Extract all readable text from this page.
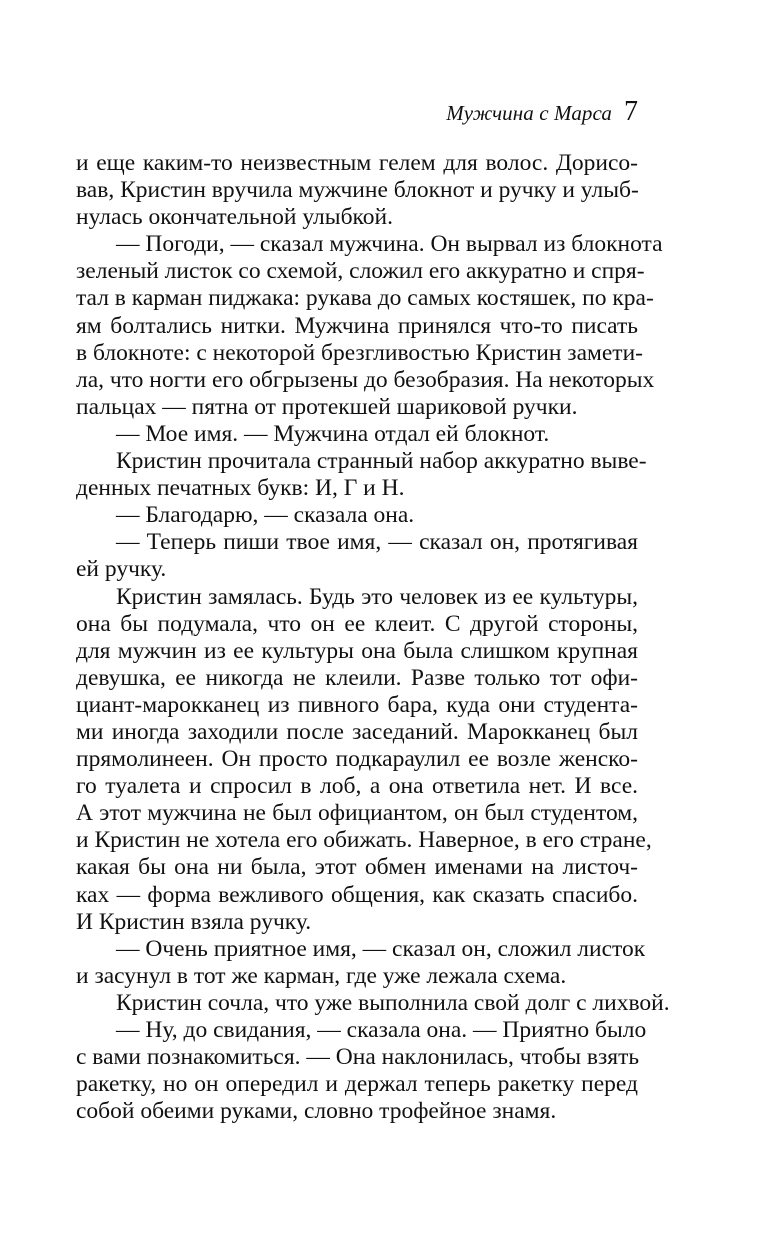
Мужчина с Марса 7
и еще каким-то неизвестным гелем для волос. Дорисо-
вав, Кристин вручила мужчине блокнот и ручку и улыб-
нулась окончательной улыбкой.
— Погоди, — сказал мужчина. Он вырвал из блокнота
зеленый листок со схемой, сложил его аккуратно и спря-
тал в карман пиджака: рукава до самых костяшек, по кра-
ям болтались нитки. Мужчина принялся что-то писать
в блокноте: с некоторой брезгливостью Кристин замети-
ла, что ногти его обгрызены до безобразия. На некоторых
пальцах — пятна от протекшей шариковой ручки.
— Мое имя. — Мужчина отдал ей блокнот.
Кристин прочитала странный набор аккуратно выве-
денных печатных букв: И, Г и Н.
— Благодарю, — сказала она.
— Теперь пиши твое имя, — сказал он, протягивая
ей ручку.
Кристин замялась. Будь это человек из ее культуры,
она бы подумала, что он ее клеит. С другой стороны,
для мужчин из ее культуры она была слишком крупная
девушка, ее никогда не клеили. Разве только тот офи-
циант-марокканец из пивного бара, куда они студента-
ми иногда заходили после заседаний. Марокканец был
прямолинеен. Он просто подкараулил ее возле женско-
го туалета и спросил в лоб, а она ответила нет. И все.
А этот мужчина не был официантом, он был студентом,
и Кристин не хотела его обижать. Наверное, в его стране,
какая бы она ни была, этот обмен именами на листоч-
ках — форма вежливого общения, как сказать спасибо.
И Кристин взяла ручку.
— Очень приятное имя, — сказал он, сложил листок
и засунул в тот же карман, где уже лежала схема.
Кристин сочла, что уже выполнила свой долг с лихвой.
— Ну, до свидания, — сказала она. — Приятно было
с вами познакомиться. — Она наклонилась, чтобы взять
ракетку, но он опередил и держал теперь ракетку перед
собой обеими руками, словно трофейное знамя.
